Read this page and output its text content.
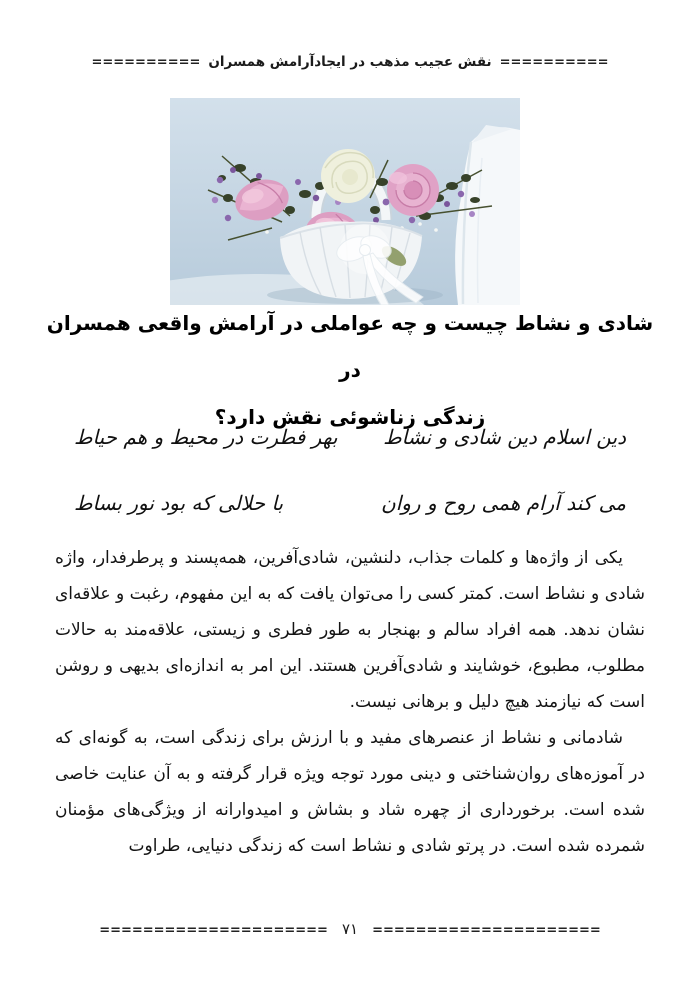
==========
نقش عجیب مذهب در ایجادآرامش همسران
==========
شادی و نشاط چیست و چه عواملی در آرامش واقعی همسران در
زندگی زناشوئی نقش دارد؟
دین اسلام دین شادی و نشاط
بهر فطرت در محیط و هم حیاط
می کند آرام همی روح و روان
با حلالی که بود نور بساط

یکی از واژه‌ها و کلمات جذاب، دلنشین، شادی‌آفرین، همه‌پسند و پرطرفدار، واژه شادی و نشاط است. کمتر کسی را می‌توان یافت که به این مفهوم، رغبت و علاقه‌ای نشان ندهد. همه افراد سالم و بهنجار به طور فطری و زیستی، علاقه‌مند به حالات مطلوب، مطبوع، خوشایند و شادی‌آفرین هستند. این امر به اندازه‌ای بدیهی و روشن است که نیازمند هیچ دلیل و برهانی نیست.

شادمانی و نشاط از عنصرهای مفید و با ارزش برای زندگی است، به گونه‌ای که در آموزه‌های روان‌شناختی و دینی مورد توجه ویژه قرار گرفته و به آن عنایت خاصی شده است. برخورداری از چهره شاد و بشاش و امیدوارانه از ویژگی‌های مؤمنان شمرده شده است. در پرتو شادی و نشاط است که زندگی دنیایی، طراوت

===================== ۷۱ =====================
